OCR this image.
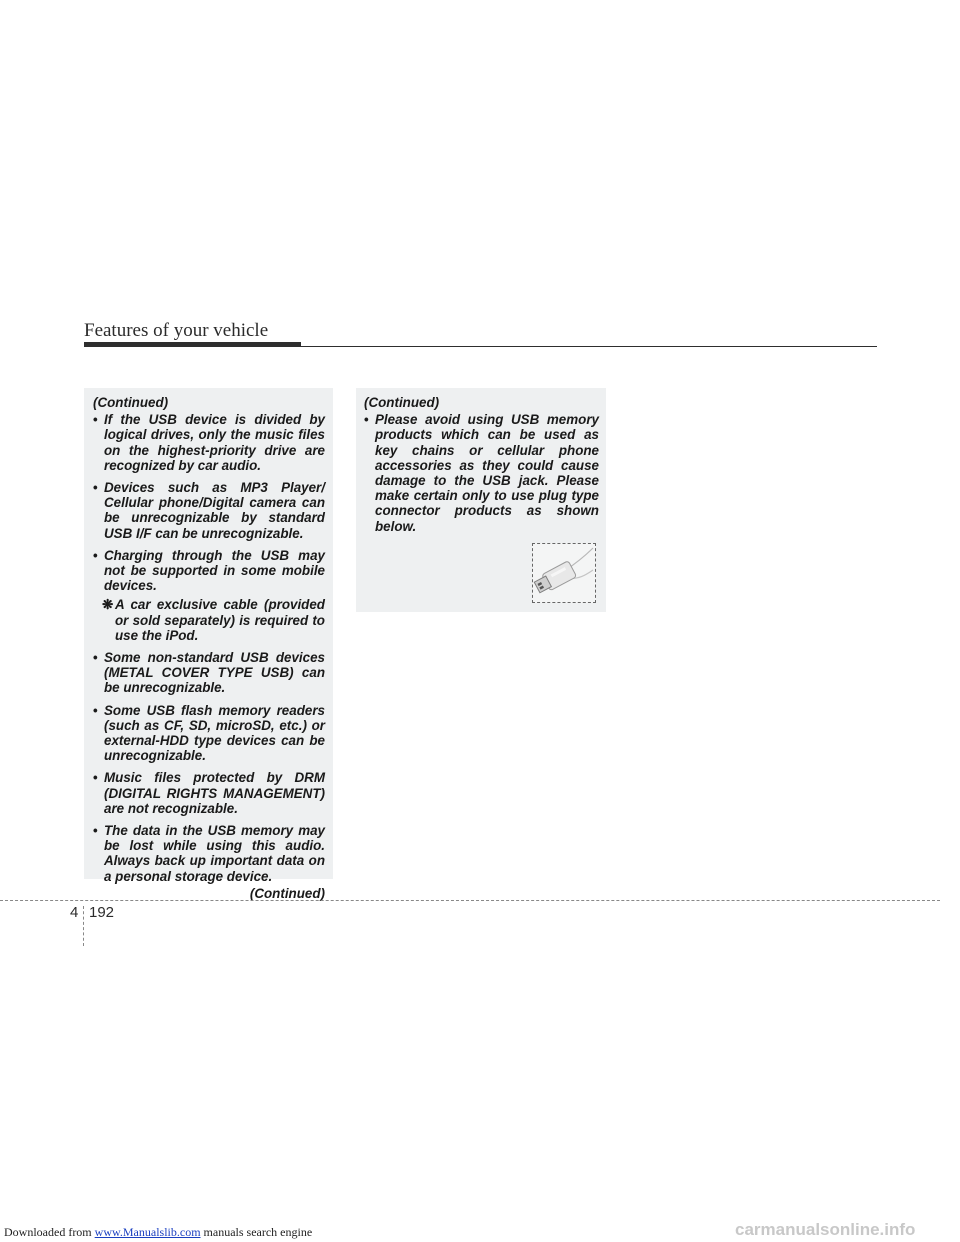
Features of your vehicle
(Continued)
• If the USB device is divided by logical drives, only the music files on the highest-priority drive are recognized by car audio.
• Devices such as MP3 Player/ Cellular phone/Digital camera can be unrecognizable by standard USB I/F can be unrecognizable.
• Charging through the USB may not be supported in some mobile devices.
❋ A car exclusive cable (provided or sold separately) is required to use the iPod.
• Some non-standard USB devices (METAL COVER TYPE USB) can be unrecognizable.
• Some USB flash memory readers (such as CF, SD, microSD, etc.) or external-HDD type devices can be unrecognizable.
• Music files protected by DRM (DIGITAL RIGHTS MANAGEMENT) are not recognizable.
• The data in the USB memory may be lost while using this audio. Always back up important data on a personal storage device.
(Continued)
(Continued)
• Please avoid using USB memory products which can be used as key chains or cellular phone accessories as they could cause damage to the USB jack. Please make certain only to use plug type connector products as shown below.
4 192
Downloaded from www.Manualslib.com manuals search engine	carmanualsonline.info
